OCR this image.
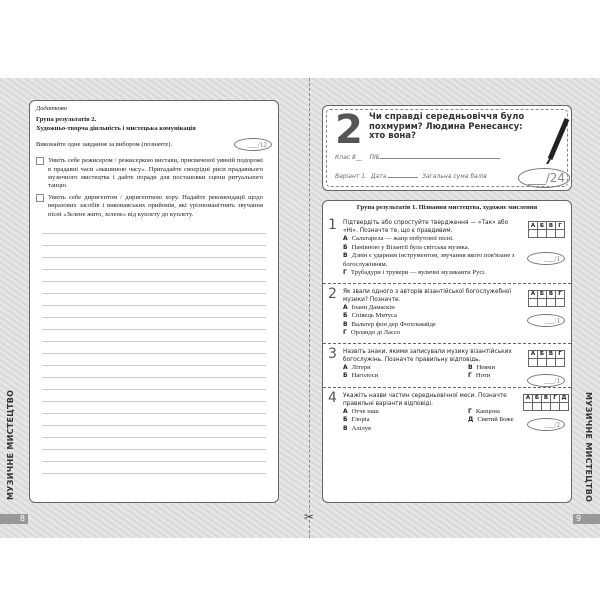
Додатково
Група результатів 2.
Художньо-творча діяльність і мистецька комунікація
Виконайте одне завдання за вибором (позначте).	___/12
Уявіть себе режисером / режисеркою вистави, присвяченої уявній подорожі в прадавні часи «машиною часу». Пригадайте своєрідні риси прадавнього музичного мистецтва і дайте поради для постановки сцени ритуального танцю.
Уявіть себе диригентом / диригенткою хору. Надайте рекомендації щодо виразових засобів і виконавських прийомів, які урізноманітнять звучання пісні «Зелене жито, зелене» від куплету до куплету.
МУЗИЧНЕ МИСТЕЦТВО
8
2 Чи справді середньовіччя було похмурим? Людина Ренесансу: хто вона?
Клас 8__ ПІБ
Варіант 1. Дата	Загальна сума балів	___/24
Група результатів 1. Пізнання мистецтва, художнє мислення
1 Підтвердіть або спростуйте твердження — «Так» або «Ні». Позначте те, що є правдивим.
А Сальтарела — жанр побутової пісні.
Б Панівною у Візантії була світська музика.
В Дзвін є ударним інструментом, звучання якого пов'язане з богослужінням.
Г Трубадури і трувери — вуличні музиканти Русі.
А	Б	В	Г

___/1
2 Як звали одного з авторів візантійської богослужебної музики? Позначте.
А Іоанн Дамаскін
Б Співець Митуса
В Вальтер фон дер Фогельвайде
Г Орландо ді Лассо
А	Б	В	Г

___/1
3 Назвіть знаки, якими записували музику візантійських богослужінь. Позначте правильну відповідь.
А Літери	В Невми
Б Наголоси	Г Ноти
А	Б	В	Г

___/1
4 Укажіть назви частин середньовічної меси. Позначте правильні варіанти відповіді.
А Отче наш	Г Канцона
Б Глоріа	Д Святий Боже
В Алілуя
А	Б	В	Г	Д

___/2	МУЗИЧНЕ МИСТЕЦТВО
9
✂
